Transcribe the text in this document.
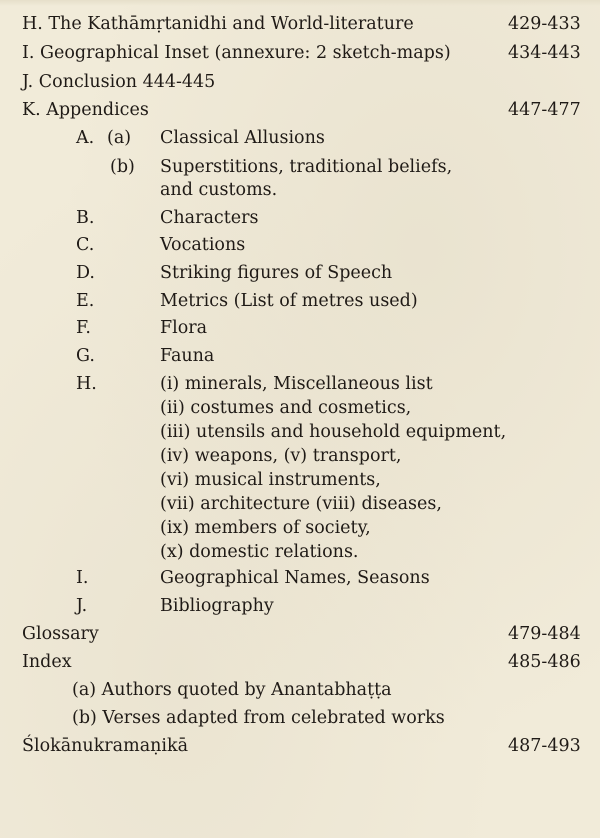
H. The Kathāmṛtanidhi and World-literature	429-433
I. Geographical Inset (annexure: 2 sketch-maps)	434-443
J. Conclusion 444-445
K. Appendices	447-477
A. (a) Classical Allusions
(b) Superstitions, traditional beliefs,
and customs.
B.	Characters
C.	Vocations
D.	Striking figures of Speech
E.	Metrics (List of metres used)
F.	Flora
G.	Fauna
H.	(i) minerals, Miscellaneous list
(ii) costumes and cosmetics,
(iii) utensils and household equipment,
(iv) weapons, (v) transport,
(vi) musical instruments,
(vii) architecture (viii) diseases,
(ix) members of society,
(x) domestic relations.
I.	Geographical Names, Seasons
J.	Bibliography
Glossary	479-484
Index	485-486
(a) Authors quoted by Anantabhaṭṭa
(b) Verses adapted from celebrated works
Ślokānukramaṇikā	487-493
